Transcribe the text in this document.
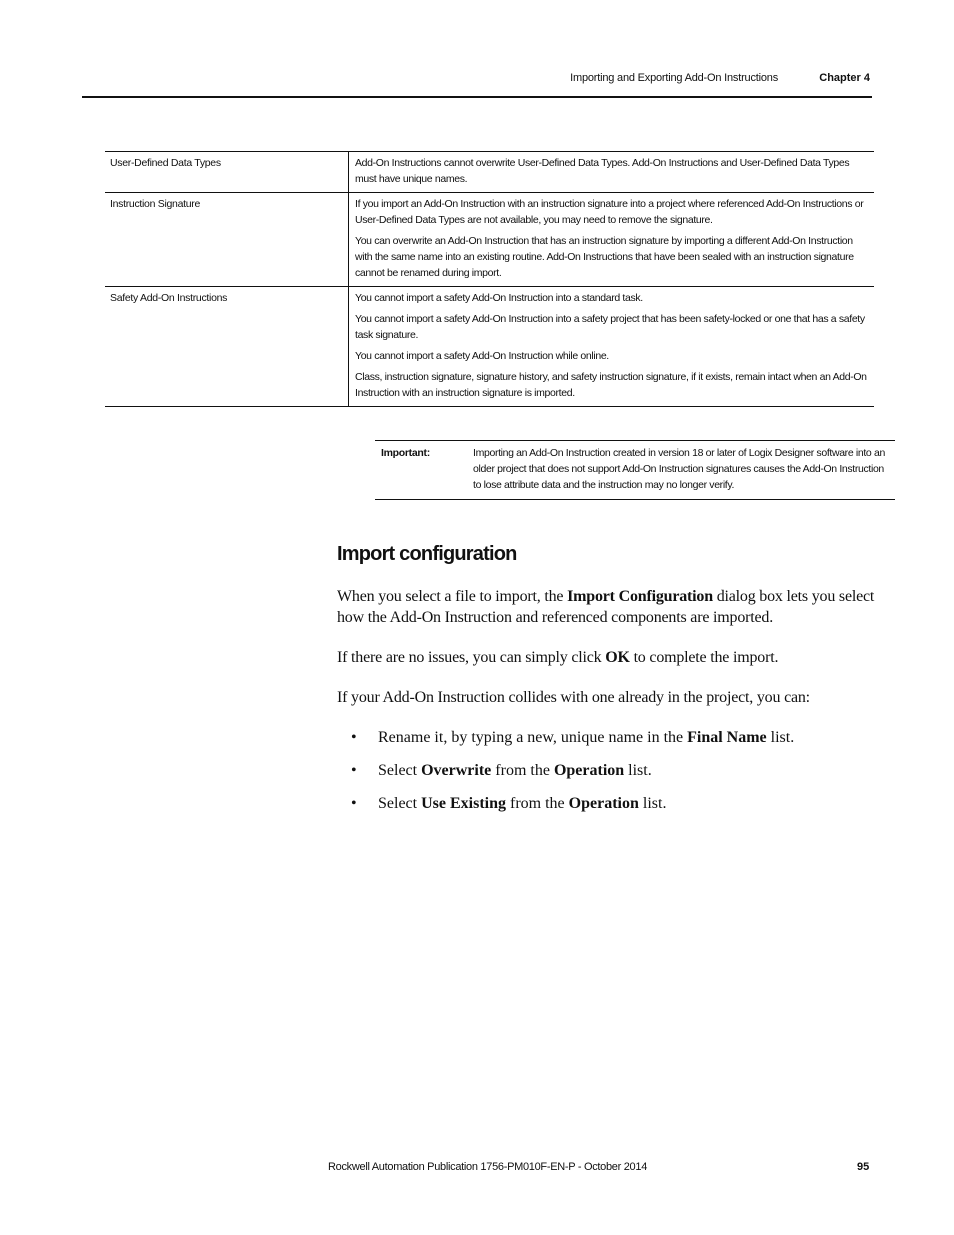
Importing and Exporting Add-On Instructions	Chapter 4
User-Defined Data Types	Add-On Instructions cannot overwrite User-Defined Data Types. Add-On Instructions and User-Defined Data Types must have unique names.

Instruction Signature	If you import an Add-On Instruction with an instruction signature into a project where referenced Add-On Instructions or User-Defined Data Types are not available, you may need to remove the signature.

You can overwrite an Add-On Instruction that has an instruction signature by importing a different Add-On Instruction with the same name into an existing routine. Add-On Instructions that have been sealed with an instruction signature cannot be renamed during import.

Safety Add-On Instructions	You cannot import a safety Add-On Instruction into a standard task.

You cannot import a safety Add-On Instruction into a safety project that has been safety-locked or one that has a safety task signature.

You cannot import a safety Add-On Instruction while online.

Class, instruction signature, signature history, and safety instruction signature, if it exists, remain intact when an Add-On Instruction with an instruction signature is imported.

Important:	Importing an Add-On Instruction created in version 18 or later of Logix Designer software into an older project that does not support Add-On Instruction signatures causes the Add-On Instruction to lose attribute data and the instruction may no longer verify.
Import configuration

When you select a file to import, the Import Configuration dialog box lets you select how the Add-On Instruction and referenced components are imported.

If there are no issues, you can simply click OK to complete the import.

If your Add-On Instruction collides with one already in the project, you can:

• Rename it, by typing a new, unique name in the Final Name list.
• Select Overwrite from the Operation list.
• Select Use Existing from the Operation list.
Rockwell Automation Publication 1756-PM010F-EN-P - October 2014	95
